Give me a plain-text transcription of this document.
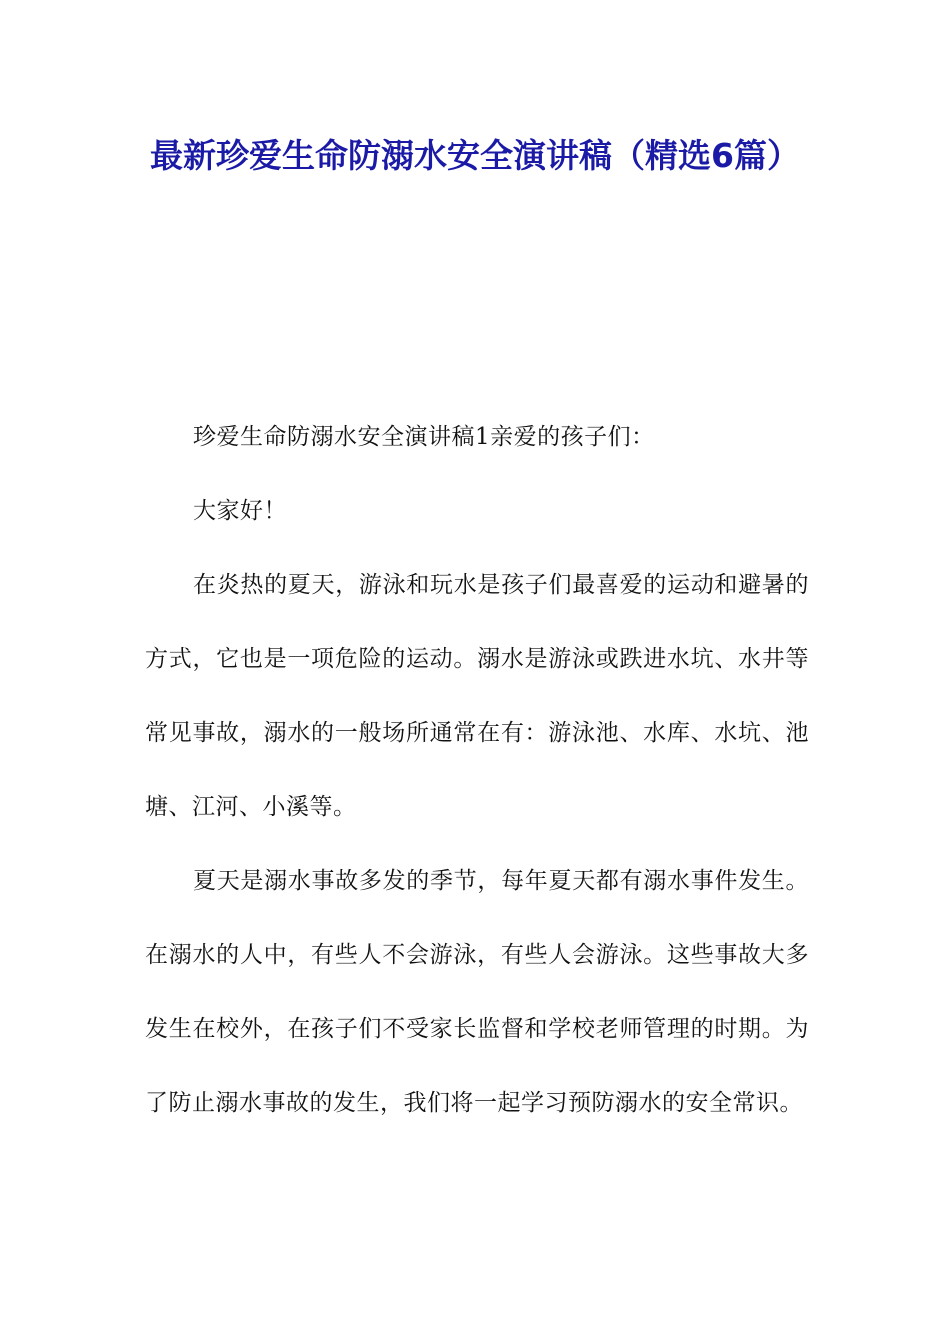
最新珍爱生命防溺水安全演讲稿（精选6篇）

珍爱生命防溺水安全演讲稿1亲爱的孩子们：

大家好！

在炎热的夏天，游泳和玩水是孩子们最喜爱的运动和避暑的方式，它也是一项危险的运动。溺水是游泳或跌进水坑、水井等常见事故，溺水的一般场所通常在有：游泳池、水库、水坑、池塘、江河、小溪等。

夏天是溺水事故多发的季节，每年夏天都有溺水事件发生。在溺水的人中，有些人不会游泳，有些人会游泳。这些事故大多发生在校外，在孩子们不受家长监督和学校老师管理的时期。为了防止溺水事故的发生，我们将一起学习预防溺水的安全常识。
